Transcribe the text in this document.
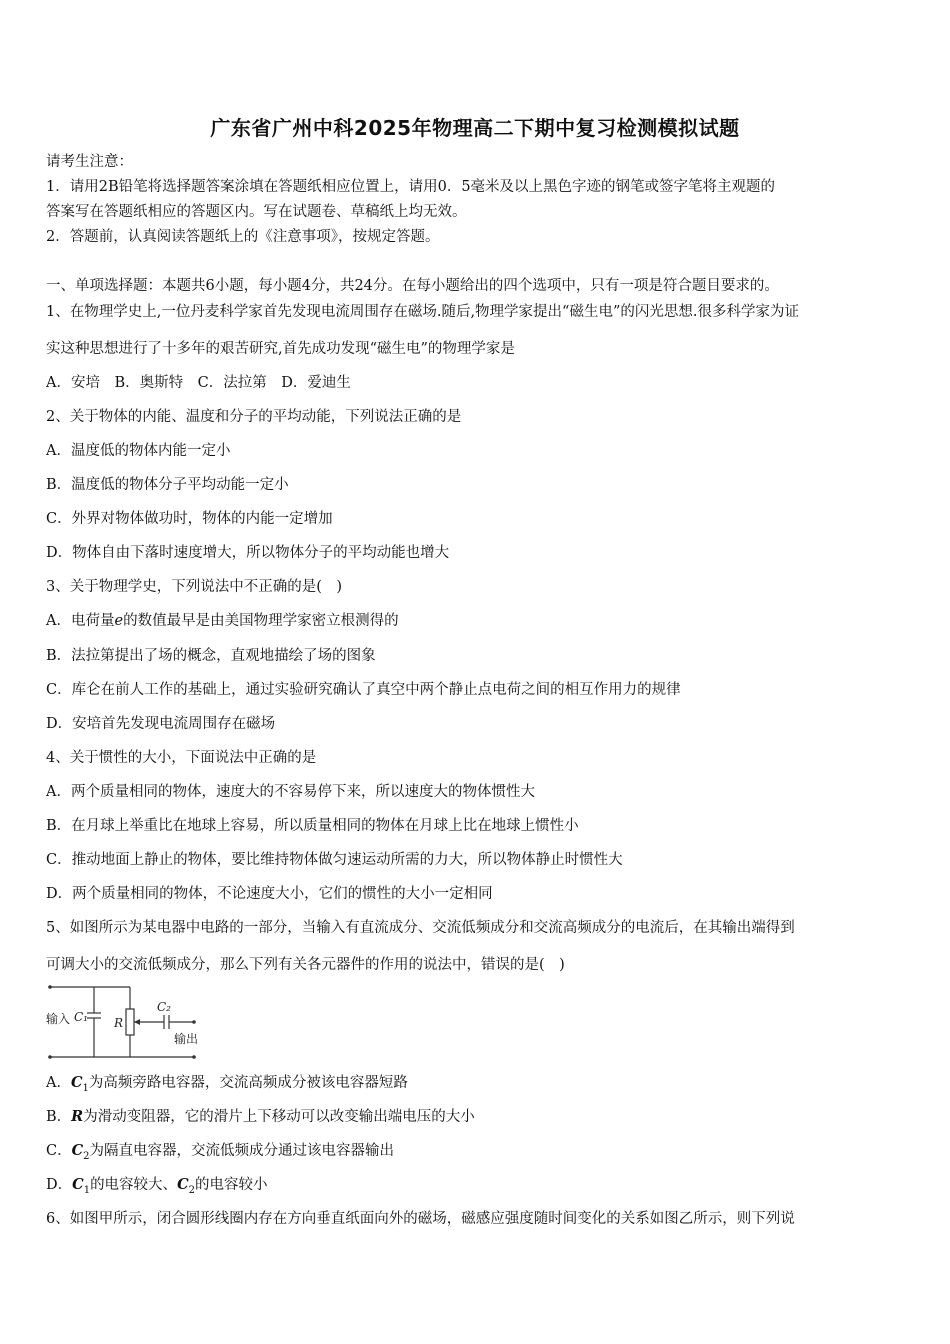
广东省广州中科2025年物理高二下期中复习检测模拟试题
请考生注意：
1．请用2B铅笔将选择题答案涂填在答题纸相应位置上，请用0．5毫米及以上黑色字迹的钢笔或签字笔将主观题的
答案写在答题纸相应的答题区内。写在试题卷、草稿纸上均无效。
2．答题前，认真阅读答题纸上的《注意事项》，按规定答题。
一、单项选择题：本题共6小题，每小题4分，共24分。在每小题给出的四个选项中，只有一项是符合题目要求的。
1、在物理学史上,一位丹麦科学家首先发现电流周围存在磁场.随后,物理学家提出“磁生电”的闪光思想.很多科学家为证
实这种思想进行了十多年的艰苦研究,首先成功发现“磁生电”的物理学家是
A．安培　B．奥斯特　C．法拉第　D．爱迪生
2、关于物体的内能、温度和分子的平均动能，下列说法正确的是
A．温度低的物体内能一定小
B．温度低的物体分子平均动能一定小
C．外界对物体做功时，物体的内能一定增加
D．物体自由下落时速度增大，所以物体分子的平均动能也增大
3、关于物理学史，下列说法中不正确的是(　)
A．电荷量e的数值最早是由美国物理学家密立根测得的
B．法拉第提出了场的概念，直观地描绘了场的图象
C．库仑在前人工作的基础上，通过实验研究确认了真空中两个静止点电荷之间的相互作用力的规律
D．安培首先发现电流周围存在磁场
4、关于惯性的大小，下面说法中正确的是
A．两个质量相同的物体，速度大的不容易停下来，所以速度大的物体惯性大
B．在月球上举重比在地球上容易，所以质量相同的物体在月球上比在地球上惯性小
C．推动地面上静止的物体，要比维持物体做匀速运动所需的力大，所以物体静止时惯性大
D．两个质量相同的物体，不论速度大小，它们的惯性的大小一定相同
5、如图所示为某电器中电路的一部分，当输入有直流成分、交流低频成分和交流高频成分的电流后，在其输出端得到
可调大小的交流低频成分，那么下列有关各元器件的作用的说法中，错误的是(　)
输入 C₁ R
C₂
输出
A．$C_1$为高频旁路电容器，交流高频成分被该电容器短路
B．R为滑动变阻器，它的滑片上下移动可以改变输出端电压的大小
C．$C_2$为隔直电容器，交流低频成分通过该电容器输出
D．$C_1$的电容较大、$C_2$的电容较小
6、如图甲所示，闭合圆形线圈内存在方向垂直纸面向外的磁场，磁感应强度随时间变化的关系如图乙所示，则下列说
